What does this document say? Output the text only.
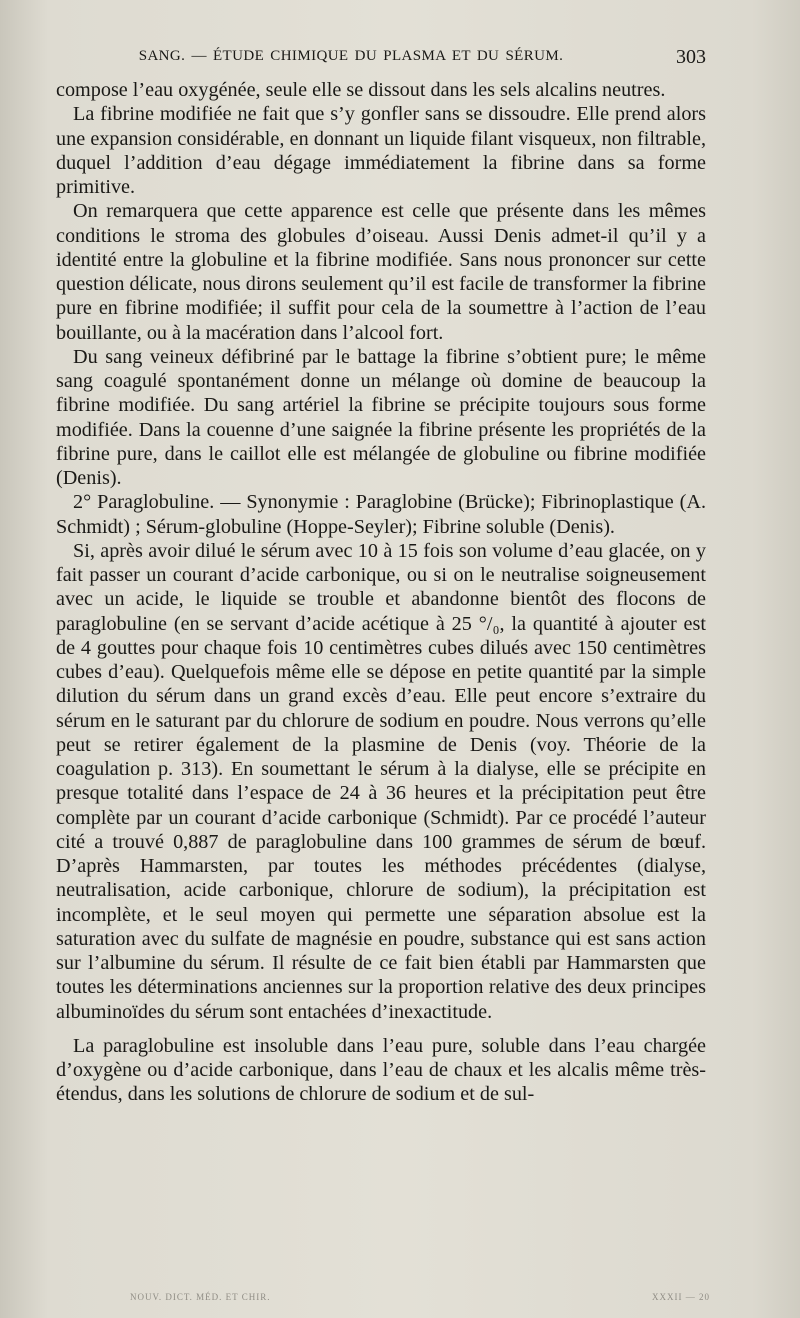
SANG. — ÉTUDE CHIMIQUE DU PLASMA ET DU SÉRUM.	303

compose l’eau oxygénée, seule elle se dissout dans les sels alcalins neutres.

La fibrine modifiée ne fait que s’y gonfler sans se dissoudre. Elle prend alors une expansion considérable, en donnant un liquide filant visqueux, non filtrable, duquel l’addition d’eau dégage immédiatement la fibrine dans sa forme primitive.

On remarquera que cette apparence est celle que présente dans les mêmes conditions le stroma des globules d’oiseau. Aussi Denis admet-il qu’il y a identité entre la globuline et la fibrine modifiée. Sans nous prononcer sur cette question délicate, nous dirons seulement qu’il est facile de transformer la fibrine pure en fibrine modifiée; il suffit pour cela de la soumettre à l’action de l’eau bouillante, ou à la macération dans l’alcool fort.

Du sang veineux défibriné par le battage la fibrine s’obtient pure; le même sang coagulé spontanément donne un mélange où domine de beaucoup la fibrine modifiée. Du sang artériel la fibrine se précipite toujours sous forme modifiée. Dans la couenne d’une saignée la fibrine présente les propriétés de la fibrine pure, dans le caillot elle est mélangée de globuline ou fibrine modifiée (Denis).

2° Paraglobuline. — Synonymie : Paraglobine (Brücke); Fibrinoplastique (A. Schmidt) ; Sérum-globuline (Hoppe-Seyler); Fibrine soluble (Denis).

Si, après avoir dilué le sérum avec 10 à 15 fois son volume d’eau glacée, on y fait passer un courant d’acide carbonique, ou si on le neutralise soigneusement avec un acide, le liquide se trouble et abandonne bientôt des flocons de paraglobuline (en se servant d’acide acétique à 25 °/₀, la quantité à ajouter est de 4 gouttes pour chaque fois 10 centimètres cubes dilués avec 150 centimètres cubes d’eau). Quelquefois même elle se dépose en petite quantité par la simple dilution du sérum dans un grand excès d’eau. Elle peut encore s’extraire du sérum en le saturant par du chlorure de sodium en poudre. Nous verrons qu’elle peut se retirer également de la plasmine de Denis (voy. Théorie de la coagulation p. 313). En soumettant le sérum à la dialyse, elle se précipite en presque totalité dans l’espace de 24 à 36 heures et la précipitation peut être complète par un courant d’acide carbonique (Schmidt). Par ce procédé l’auteur cité a trouvé 0,887 de paraglobuline dans 100 grammes de sérum de bœuf. D’après Hammarsten, par toutes les méthodes précédentes (dialyse, neutralisation, acide carbonique, chlorure de sodium), la précipitation est incomplète, et le seul moyen qui permette une séparation absolue est la saturation avec du sulfate de magnésie en poudre, substance qui est sans action sur l’albumine du sérum. Il résulte de ce fait bien établi par Hammarsten que toutes les déterminations anciennes sur la proportion relative des deux principes albuminoïdes du sérum sont entachées d’inexactitude.

La paraglobuline est insoluble dans l’eau pure, soluble dans l’eau chargée d’oxygène ou d’acide carbonique, dans l’eau de chaux et les alcalis même très-étendus, dans les solutions de chlorure de sodium et de sul-

NOUV. DICT. MÉD. ET CHIR.	XXXII — 20
